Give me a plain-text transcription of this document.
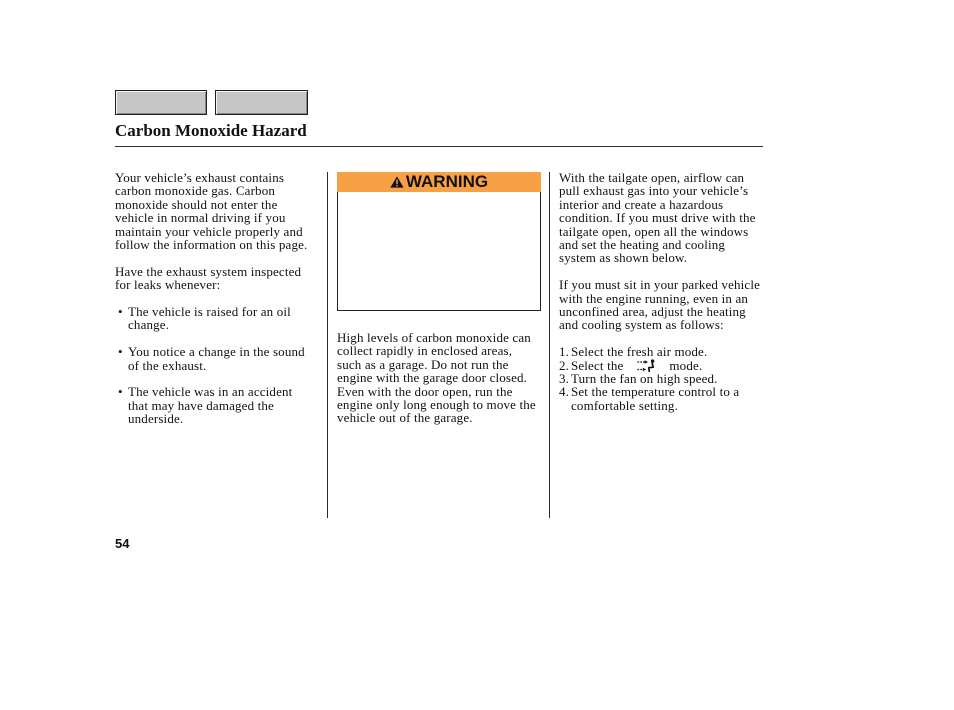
Carbon Monoxide Hazard

Your vehicle’s exhaust contains
carbon monoxide gas. Carbon
monoxide should not enter the
vehicle in normal driving if you
maintain your vehicle properly and
follow the information on this page.

Have the exhaust system inspected
for leaks whenever:

• The vehicle is raised for an oil
change.
• You notice a change in the sound
of the exhaust.
• The vehicle was in an accident
that may have damaged the
underside.
WARNING

High levels of carbon monoxide can
collect rapidly in enclosed areas,
such as a garage. Do not run the
engine with the garage door closed.
Even with the door open, run the
engine only long enough to move the
vehicle out of the garage.

With the tailgate open, airflow can
pull exhaust gas into your vehicle’s
interior and create a hazardous
condition. If you must drive with the
tailgate open, open all the windows
and set the heating and cooling
system as shown below.

If you must sit in your parked vehicle
with the engine running, even in an
unconfined area, adjust the heating
and cooling system as follows:

1. Select the fresh air mode.
2. Select the	mode.
3. Turn the fan on high speed.
4. Set the temperature control to a
comfortable setting.
54
